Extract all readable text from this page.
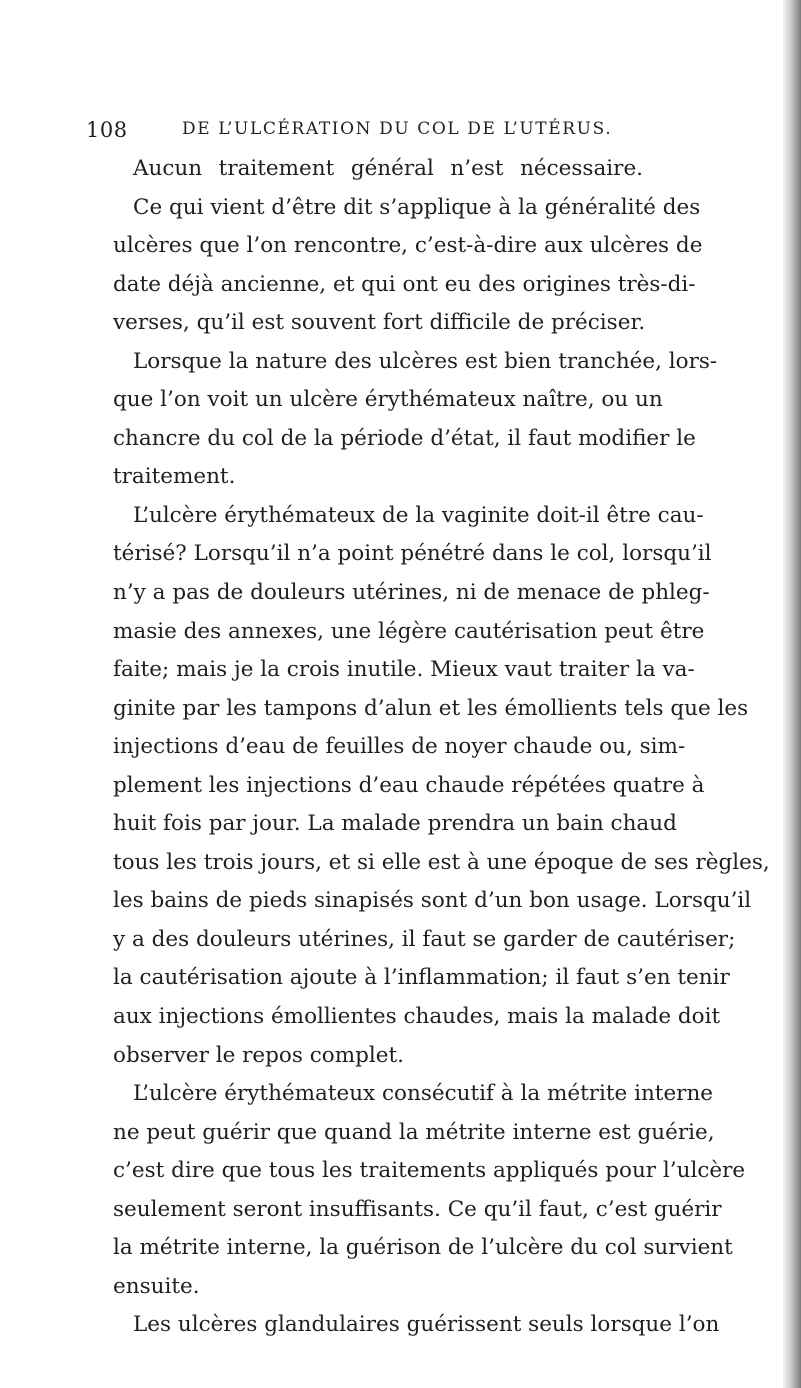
108	DE L’ULCÉRATION DU COL DE L’UTÉRUS.
Aucun traitement général n’est nécessaire.
Ce qui vient d’être dit s’applique à la généralité des
ulcères que l’on rencontre, c’est-à-dire aux ulcères de
date déjà ancienne, et qui ont eu des origines très-di-
verses, qu’il est souvent fort difficile de préciser.
Lorsque la nature des ulcères est bien tranchée, lors-
que l’on voit un ulcère érythémateux naître, ou un
chancre du col de la période d’état, il faut modifier le
traitement.
L’ulcère érythémateux de la vaginite doit-il être cau-
térisé? Lorsqu’il n’a point pénétré dans le col, lorsqu’il
n’y a pas de douleurs utérines, ni de menace de phleg-
masie des annexes, une légère cautérisation peut être
faite; mais je la crois inutile. Mieux vaut traiter la va-
ginite par les tampons d’alun et les émollients tels que les
injections d’eau de feuilles de noyer chaude ou, sim-
plement les injections d’eau chaude répétées quatre à
huit fois par jour. La malade prendra un bain chaud
tous les trois jours, et si elle est à une époque de ses règles,
les bains de pieds sinapisés sont d’un bon usage. Lorsqu’il
y a des douleurs utérines, il faut se garder de cautériser;
la cautérisation ajoute à l’inflammation; il faut s’en tenir
aux injections émollientes chaudes, mais la malade doit
observer le repos complet.
L’ulcère érythémateux consécutif à la métrite interne
ne peut guérir que quand la métrite interne est guérie,
c’est dire que tous les traitements appliqués pour l’ulcère
seulement seront insuffisants. Ce qu’il faut, c’est guérir
la métrite interne, la guérison de l’ulcère du col survient
ensuite.
Les ulcères glandulaires guérissent seuls lorsque l’on
